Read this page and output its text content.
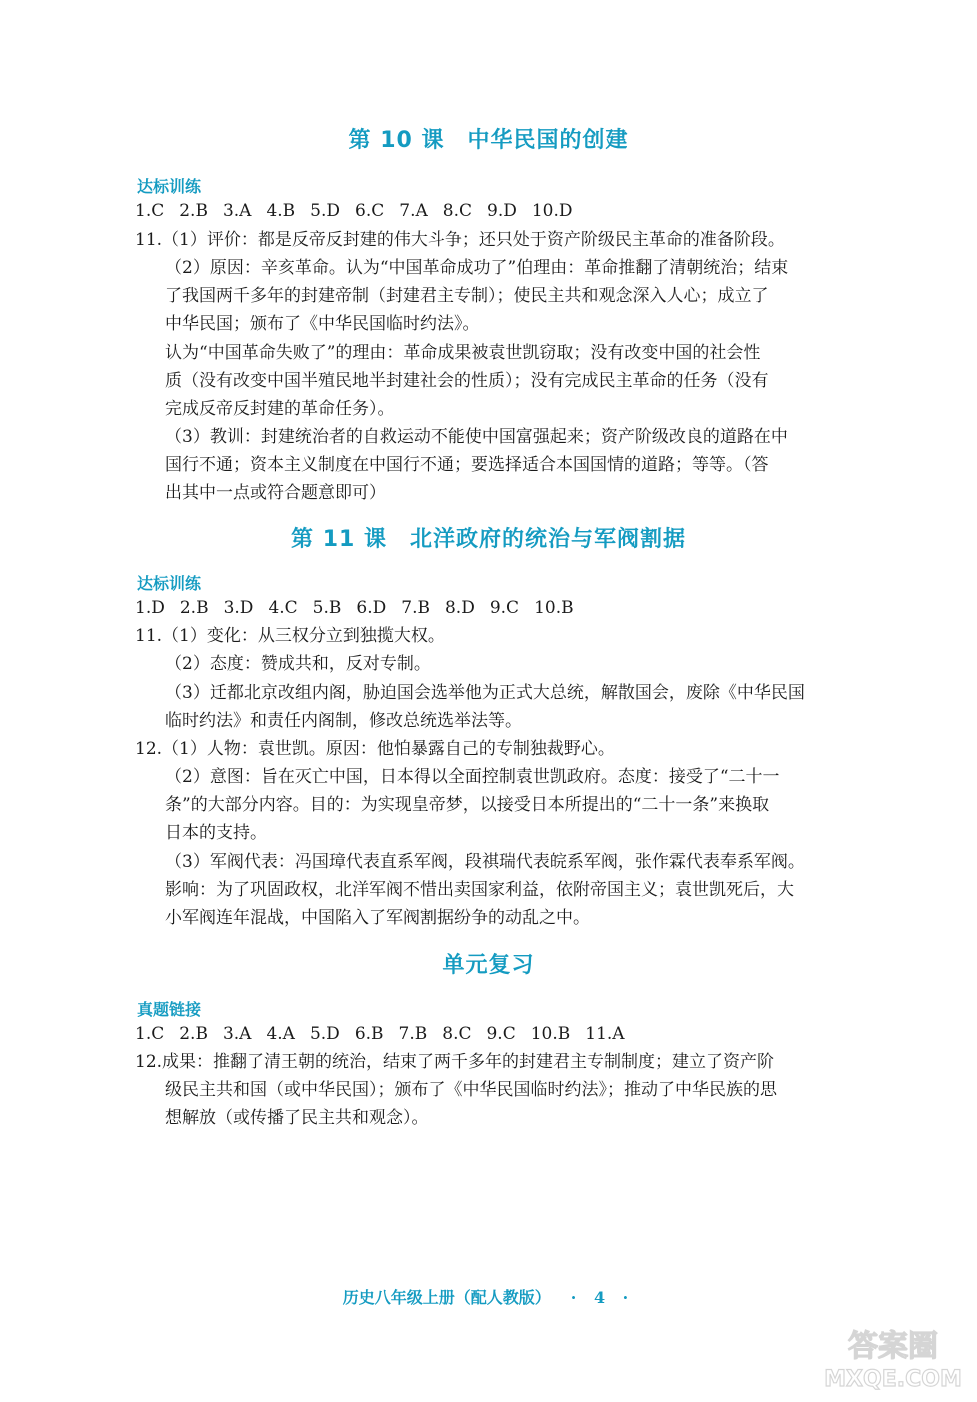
第 10 课　中华民国的创建
达标训练
1.C 2.B 3.A 4.B 5.D 6.C 7.A 8.C 9.D 10.D
11.（1）评价：都是反帝反封建的伟大斗争；还只处于资产阶级民主革命的准备阶段。
（2）原因：辛亥革命。认为“中国革命成功了”伯理由：革命推翻了清朝统治；结束
了我国两千多年的封建帝制（封建君主专制）；使民主共和观念深入人心；成立了
中华民国；颁布了《中华民国临时约法》。
认为“中国革命失败了”的理由：革命成果被袁世凯窃取；没有改变中国的社会性
质（没有改变中国半殖民地半封建社会的性质）；没有完成民主革命的任务（没有
完成反帝反封建的革命任务）。
（3）教训：封建统治者的自救运动不能使中国富强起来；资产阶级改良的道路在中
国行不通；资本主义制度在中国行不通；要选择适合本国国情的道路；等等。（答
出其中一点或符合题意即可）
第 11 课　北洋政府的统治与军阀割据
达标训练
1.D 2.B 3.D 4.C 5.B 6.D 7.B 8.D 9.C 10.B
11.（1）变化：从三权分立到独揽大权。
（2）态度：赞成共和，反对专制。
（3）迁都北京改组内阁，胁迫国会选举他为正式大总统，解散国会，废除《中华民国
临时约法》和责任内阁制，修改总统选举法等。
12.（1）人物：袁世凯。原因：他怕暴露自己的专制独裁野心。
（2）意图：旨在灭亡中国，日本得以全面控制袁世凯政府。态度：接受了“二十一
条”的大部分内容。目的：为实现皇帝梦，以接受日本所提出的“二十一条”来换取
日本的支持。
（3）军阀代表：冯国璋代表直系军阀，段祺瑞代表皖系军阀，张作霖代表奉系军阀。
影响：为了巩固政权，北洋军阀不惜出卖国家利益，依附帝国主义；袁世凯死后，大
小军阀连年混战，中国陷入了军阀割据纷争的动乱之中。
单元复习
真题链接
1.C 2.B 3.A 4.A 5.D 6.B 7.B 8.C 9.C 10.B 11.A
12.成果：推翻了清王朝的统治，结束了两千多年的封建君主专制制度；建立了资产阶
级民主共和国（或中华民国）；颁布了《中华民国临时约法》；推动了中华民族的思
想解放（或传播了民主共和观念）。
历史八年级上册（配人教版） · 4 ·
答案圈
MXQE.COM
